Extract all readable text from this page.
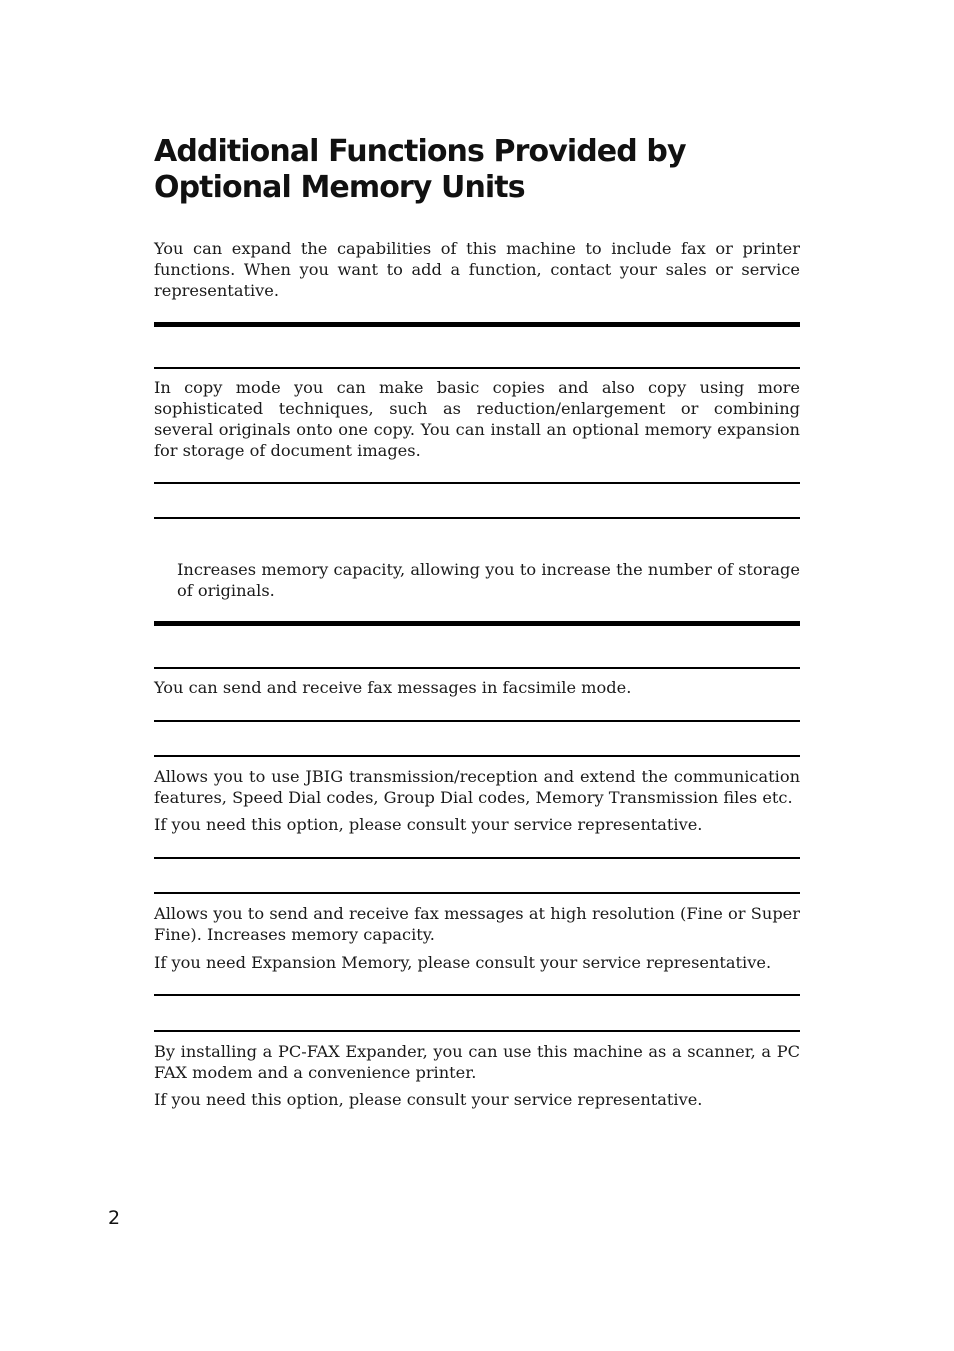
Additional Functions Provided by Optional Memory Units

You can expand the capabilities of this machine to include fax or printer functions. When you want to add a function, contact your sales or service representative.

In copy mode you can make basic copies and also copy using more sophisticated techniques, such as reduction/enlargement or combining several originals onto one copy. You can install an optional memory expansion for storage of document images.

Increases memory capacity, allowing you to increase the number of storage of originals.

You can send and receive fax messages in facsimile mode.

Allows you to use JBIG transmission/reception and extend the communication features, Speed Dial codes, Group Dial codes, Memory Transmission files etc.

If you need this option, please consult your service representative.

Allows you to send and receive fax messages at high resolution (Fine or Super Fine). Increases memory capacity.

If you need Expansion Memory, please consult your service representative.

By installing a PC-FAX Expander, you can use this machine as a scanner, a PC FAX modem and a convenience printer.

If you need this option, please consult your service representative.

2
